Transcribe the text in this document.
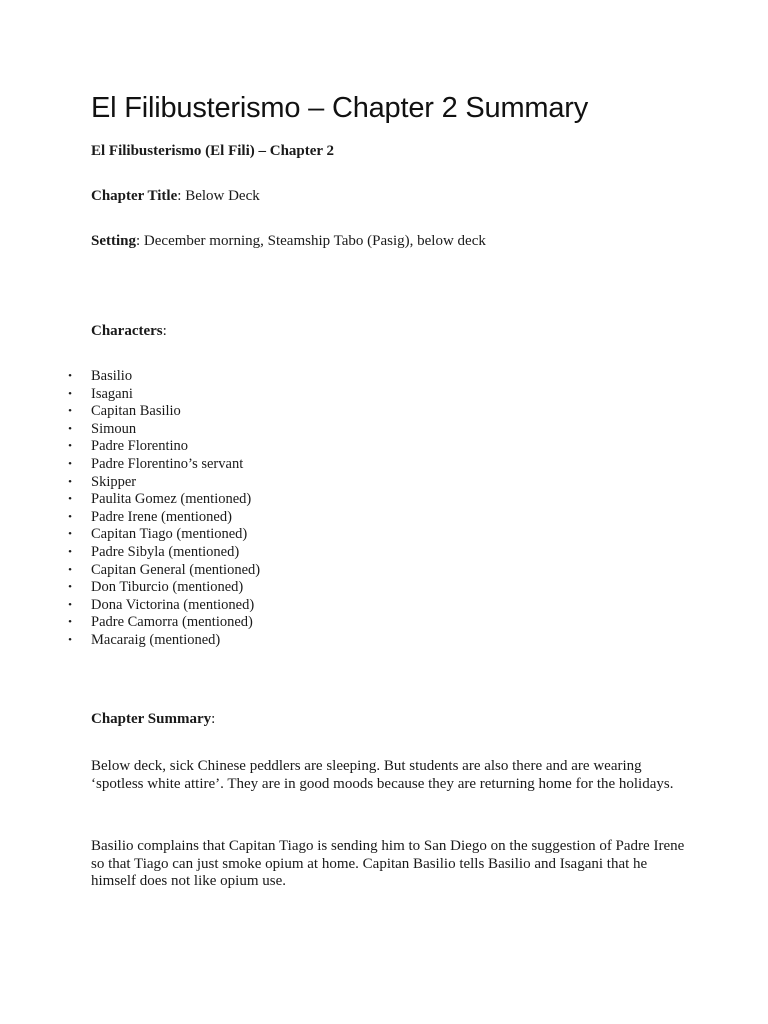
El Filibusterismo – Chapter 2 Summary

El Filibusterismo (El Fili) – Chapter 2

Chapter Title: Below Deck

Setting: December morning, Steamship Tabo (Pasig), below deck

Characters:

• Basilio
• Isagani
• Capitan Basilio
• Simoun
• Padre Florentino
• Padre Florentino’s servant
• Skipper
• Paulita Gomez (mentioned)
• Padre Irene (mentioned)
• Capitan Tiago (mentioned)
• Padre Sibyla (mentioned)
• Capitan General (mentioned)
• Don Tiburcio (mentioned)
• Dona Victorina (mentioned)
• Padre Camorra (mentioned)
• Macaraig (mentioned)

Chapter Summary:

Below deck, sick Chinese peddlers are sleeping. But students are also there and are wearing ‘spotless white attire’. They are in good moods because they are returning home for the holidays.

Basilio complains that Capitan Tiago is sending him to San Diego on the suggestion of Padre Irene so that Tiago can just smoke opium at home. Capitan Basilio tells Basilio and Isagani that he himself does not like opium use.
